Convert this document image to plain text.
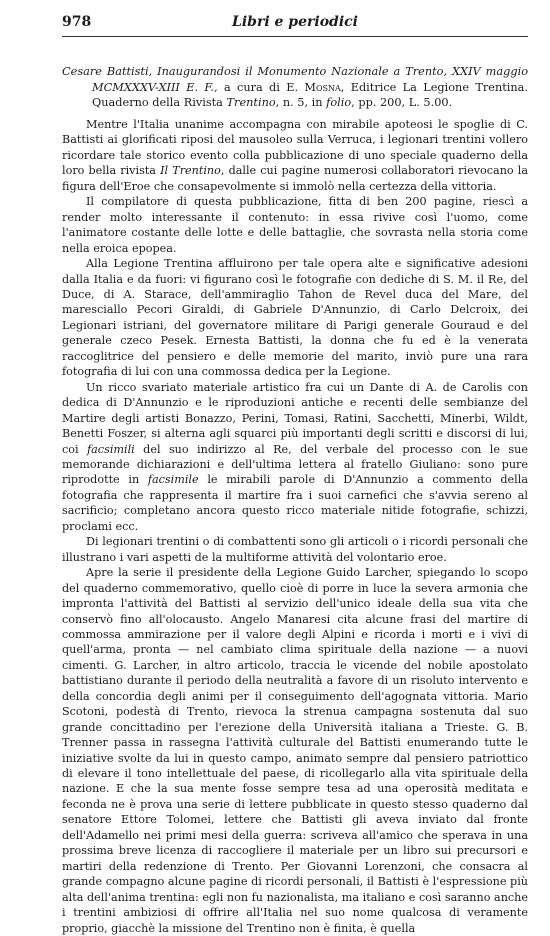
978	Libri e periodici
Cesare Battisti, Inaugurandosi il Monumento Nazionale a Trento, XXIV maggio MCMXXXV-XIII E. F., a cura di E. Mosna, Editrice La Legione Trentina. Quaderno della Rivista Trentino, n. 5, in folio, pp. 200, L. 5.00.

Mentre l'Italia unanime accompagna con mirabile apoteosi le spoglie di C. Battisti ai glorificati riposi del mausoleo sulla Verruca, i legionari trentini vollero ricordare tale storico evento colla pubblicazione di uno speciale quaderno della loro bella rivista Il Trentino, dalle cui pagine numerosi collaboratori rievocano la figura dell'Eroe che consapevolmente si immolò nella certezza della vittoria.

Il compilatore di questa pubblicazione, fitta di ben 200 pagine, riescì a render molto interessante il contenuto: in essa rivive così l'uomo, come l'animatore costante delle lotte e delle battaglie, che sovrasta nella storia come nella eroica epopea.

Alla Legione Trentina affluirono per tale opera alte e significative adesioni dalla Italia e da fuori: vi figurano così le fotografie con dediche di S. M. il Re, del Duce, di A. Starace, dell'ammiraglio Tahon de Revel duca del Mare, del maresciallo Pecori Giraldi, di Gabriele D'Annunzio, di Carlo Delcroix, dei Legionari istriani, del governatore militare di Parigi generale Gouraud e del generale czeco Pesek. Ernesta Battisti, la donna che fu ed è la venerata raccoglitrice del pensiero e delle memorie del marito, inviò pure una rara fotografia di lui con una commossa dedica per la Legione.

Un ricco svariato materiale artistico fra cui un Dante di A. de Carolis con dedica di D'Annunzio e le riproduzioni antiche e recenti delle sembianze del Martire degli artisti Bonazzo, Perini, Tomasi, Ratini, Sacchetti, Minerbi, Wildt, Benetti Foszer, si alterna agli squarci più importanti degli scritti e discorsi di lui, coi facsimili del suo indirizzo al Re, del verbale del processo con le sue memorande dichiarazioni e dell'ultima lettera al fratello Giuliano: sono pure riprodotte in facsimile le mirabili parole di D'Annunzio a commento della fotografia che rappresenta il martire fra i suoi carnefici che s'avvia sereno al sacrificio; completano ancora questo ricco materiale nitide fotografie, schizzi, proclami ecc.

Di legionari trentini o di combattenti sono gli articoli o i ricordi personali che illustrano i vari aspetti de la multiforme attività del volontario eroe.

Apre la serie il presidente della Legione Guido Larcher, spiegando lo scopo del quaderno commemorativo, quello cioè di porre in luce la severa armonia che impronta l'attività del Battisti al servizio dell'unico ideale della sua vita che conservò fino all'olocausto. Angelo Manaresi cita alcune frasi del martire di commossa ammirazione per il valore degli Alpini e ricorda i morti e i vivi di quell'arma, pronta — nel cambiato clima spirituale della nazione — a nuovi cimenti. G. Larcher, in altro articolo, traccia le vicende del nobile apostolato battistiano durante il periodo della neutralità a favore di un risoluto intervento e della concordia degli animi per il conseguimento dell'agognata vittoria. Mario Scotoni, podestà di Trento, rievoca la strenua campagna sostenuta dal suo grande concittadino per l'erezione della Università italiana a Trieste. G. B. Trenner passa in rassegna l'attività culturale del Battisti enumerando tutte le iniziative svolte da lui in questo campo, animato sempre dal pensiero patriottico di elevare il tono intellettuale del paese, di ricollegarlo alla vita spirituale della nazione. E che la sua mente fosse sempre tesa ad una operosità meditata e feconda ne è prova una serie di lettere pubblicate in questo stesso quaderno dal senatore Ettore Tolomei, lettere che Battisti gli aveva inviato dal fronte dell'Adamello nei primi mesi della guerra: scriveva all'amico che sperava in una prossima breve licenza di raccogliere il materiale per un libro sui precursori e martiri della redenzione di Trento. Per Giovanni Lorenzoni, che consacra al grande compagno alcune pagine di ricordi personali, il Battisti è l'espressione più alta dell'anima trentina: egli non fu nazionalista, ma italiano e così saranno anche i trentini ambiziosi di offrire all'Italia nel suo nome qualcosa di veramente proprio, giacchè la missione del Trentino non è finita, è quella
